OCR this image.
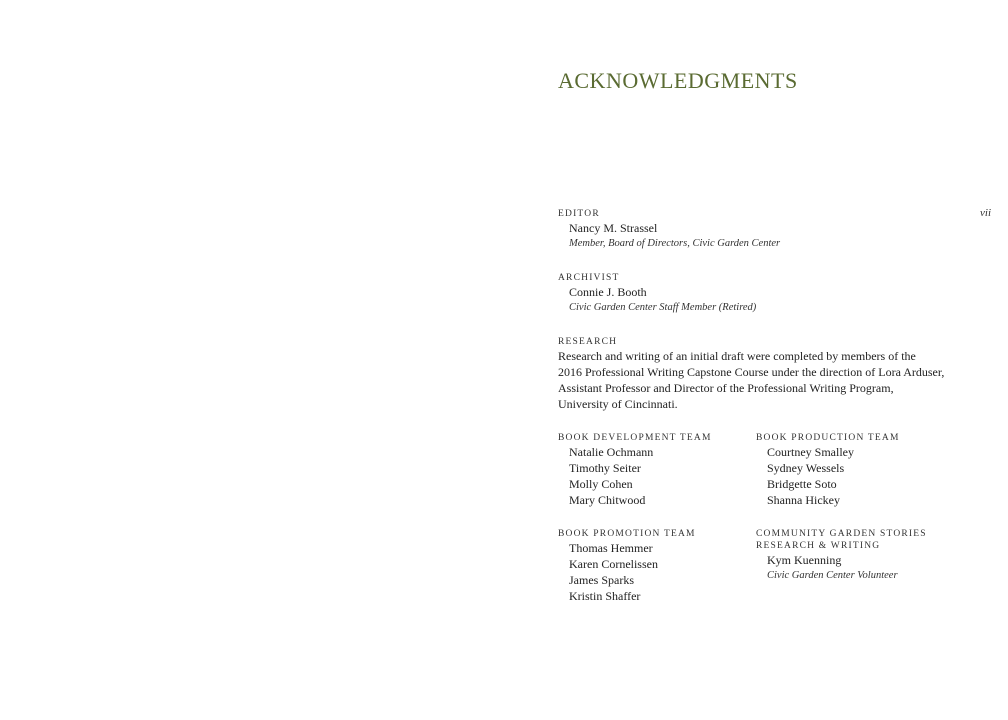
ACKNOWLEDGMENTS
vii
EDITOR
Nancy M. Strassel
Member, Board of Directors, Civic Garden Center
ARCHIVIST
Connie J. Booth
Civic Garden Center Staff Member (Retired)
RESEARCH
Research and writing of an initial draft were completed by members of the
2016 Professional Writing Capstone Course under the direction of Lora Arduser,
Assistant Professor and Director of the Professional Writing Program,
University of Cincinnati.
BOOK DEVELOPMENT TEAM
Natalie Ochmann
Timothy Seiter
Molly Cohen
Mary Chitwood
BOOK PRODUCTION TEAM
Courtney Smalley
Sydney Wessels
Bridgette Soto
Shanna Hickey
BOOK PROMOTION TEAM
Thomas Hemmer
Karen Cornelissen
James Sparks
Kristin Shaffer
COMMUNITY GARDEN STORIES
RESEARCH & WRITING
Kym Kuenning
Civic Garden Center Volunteer
